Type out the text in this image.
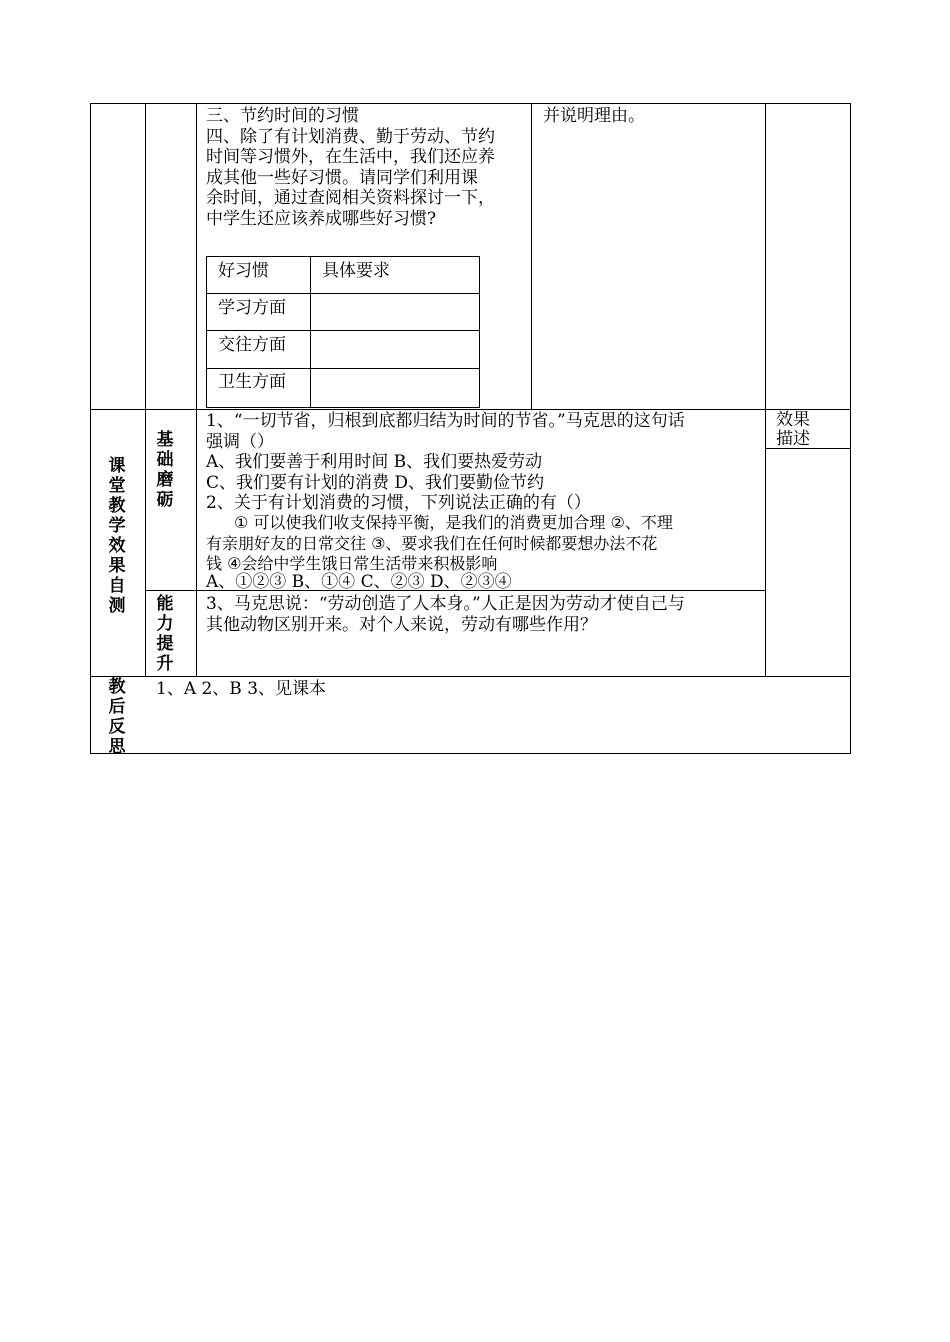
三、节约时间的习惯
四、除了有计划消费、勤于劳动、节约
时间等习惯外，在生活中，我们还应养
成其他一些好习惯。请同学们利用课
余时间，通过查阅相关资料探讨一下，
中学生还应该养成哪些好习惯?
并说明理由。
好习惯	具体要求
学习方面
交往方面
卫生方面
课堂教学效果自测
基础磨砺
能力提升
效果
描述
1、“一切节省，归根到底都归结为时间的节省。”马克思的这句话
强调（）
A、我们要善于利用时间 B、我们要热爱劳动
C、我们要有计划的消费 D、我们要勤俭节约
2、关于有计划消费的习惯，下列说法正确的有（）
① 可以使我们收支保持平衡，是我们的消费更加合理 ②、不理
有亲朋好友的日常交往 ③、要求我们在任何时候都要想办法不花
钱 ④会给中学生饿日常生活带来积极影响
A、①②③ B、①④ C、②③ D、②③④
3、马克思说：“劳动创造了人本身。”人正是因为劳动才使自己与
其他动物区别开来。对个人来说，劳动有哪些作用？
教后反思
1、A 2、B 3、见课本
